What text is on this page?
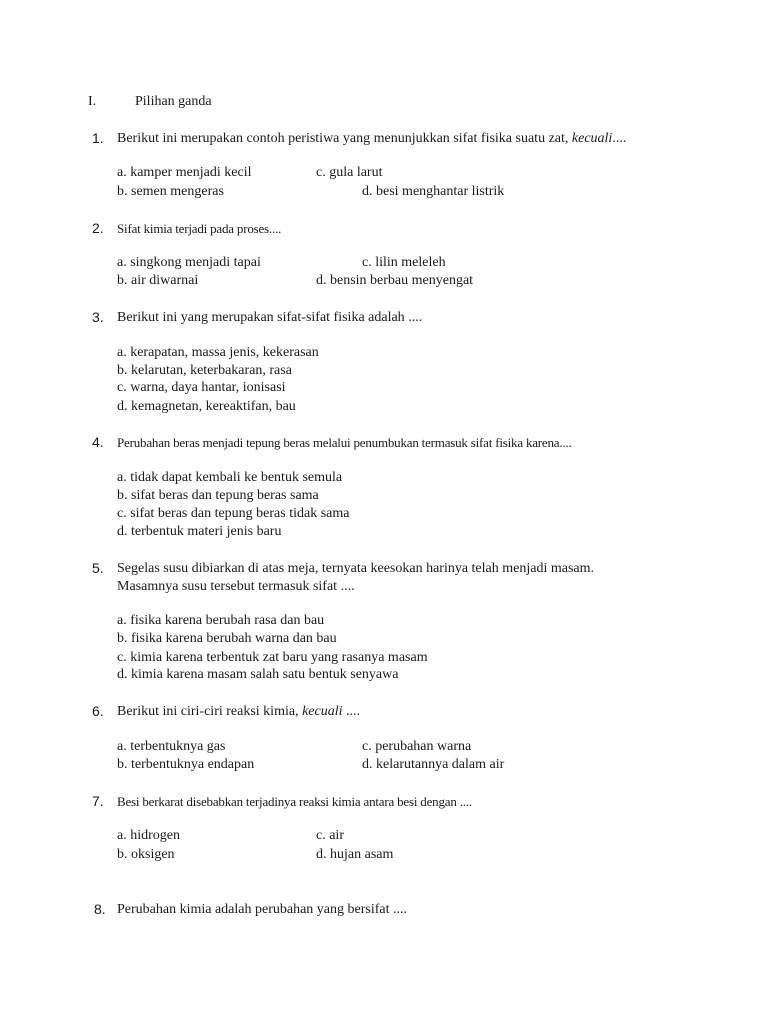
I.	Pilihan ganda
1. Berikut ini merupakan contoh peristiwa yang menunjukkan sifat fisika suatu zat, kecuali....
a. kamper menjadi kecil	c. gula larut
b. semen mengeras	d. besi menghantar listrik
2. Sifat kimia terjadi pada proses....
a. singkong menjadi tapai	c. lilin meleleh
b. air diwarnai	d. bensin berbau menyengat
3. Berikut ini yang merupakan sifat-sifat fisika adalah ....
a. kerapatan, massa jenis, kekerasan
b. kelarutan, keterbakaran, rasa
c. warna, daya hantar, ionisasi
d. kemagnetan, kereaktifan, bau
4. Perubahan beras menjadi tepung beras melalui penumbukan termasuk sifat fisika karena....
a. tidak dapat kembali ke bentuk semula
b. sifat beras dan tepung beras sama
c. sifat beras dan tepung beras tidak sama
d. terbentuk materi jenis baru
5. Segelas susu dibiarkan di atas meja, ternyata keesokan harinya telah menjadi masam.
Masamnya susu tersebut termasuk sifat ....
a. fisika karena berubah rasa dan bau
b. fisika karena berubah warna dan bau
c. kimia karena terbentuk zat baru yang rasanya masam
d. kimia karena masam salah satu bentuk senyawa
6. Berikut ini ciri-ciri reaksi kimia, kecuali ....
a. terbentuknya gas	c. perubahan warna
b. terbentuknya endapan	d. kelarutannya dalam air
7. Besi berkarat disebabkan terjadinya reaksi kimia antara besi dengan ....
a. hidrogen	c. air
b. oksigen	d. hujan asam
8. Perubahan kimia adalah perubahan yang bersifat ....
